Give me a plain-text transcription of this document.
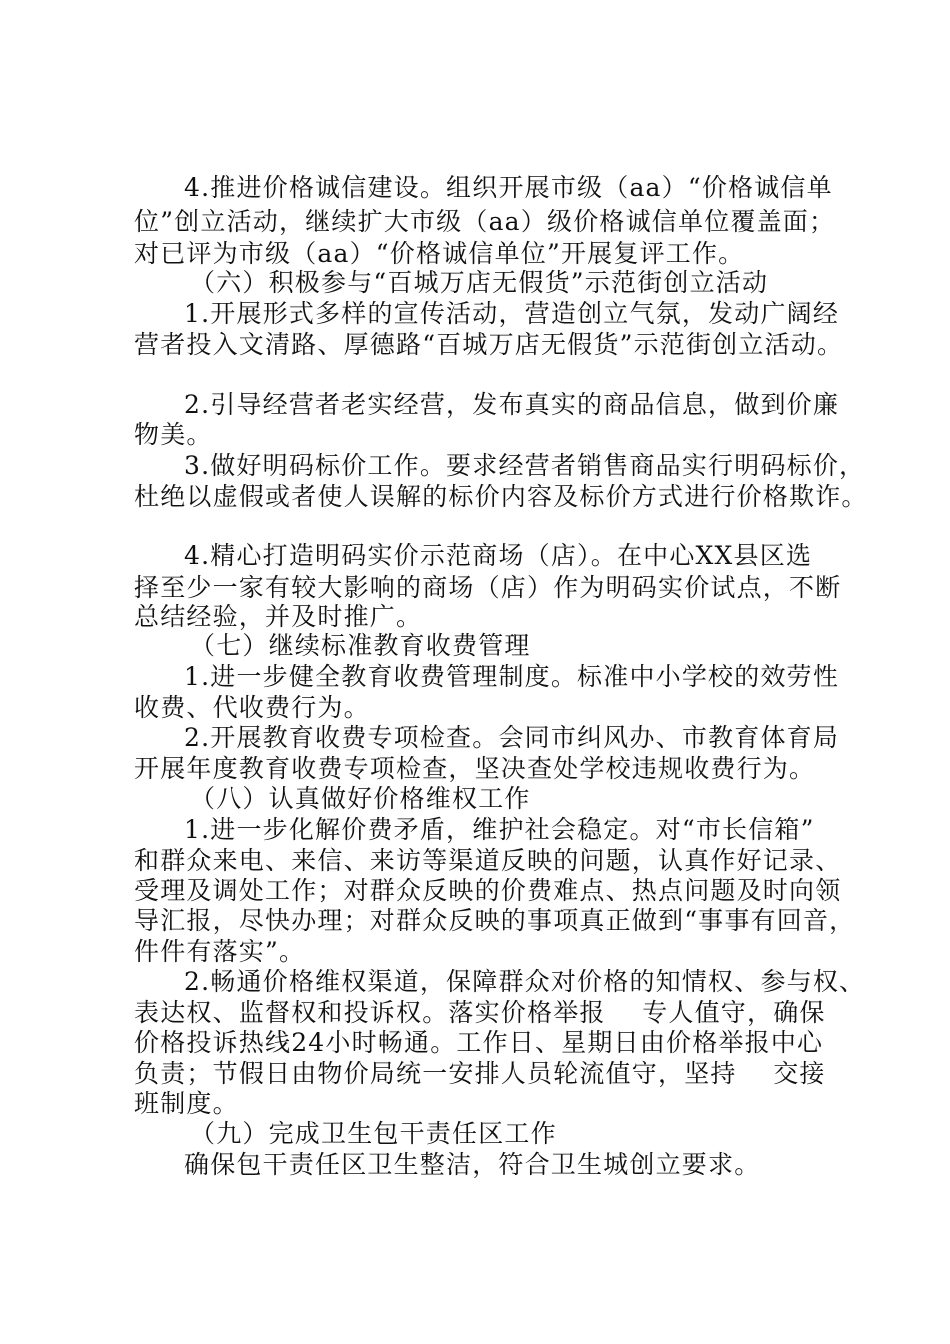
4.推进价格诚信建设。组织开展市级（aa）“价格诚信单
位”创立活动，继续扩大市级（aa）级价格诚信单位覆盖面；
对已评为市级（aa）“价格诚信单位”开展复评工作。
（六）积极参与“百城万店无假货”示范街创立活动
1.开展形式多样的宣传活动，营造创立气氛，发动广阔经
营者投入文清路、厚德路“百城万店无假货”示范街创立活动。
2.引导经营者老实经营，发布真实的商品信息，做到价廉
物美。
3.做好明码标价工作。要求经营者销售商品实行明码标价，
杜绝以虚假或者使人误解的标价内容及标价方式进行价格欺诈。
4.精心打造明码实价示范商场（店）。在中心XX县区选
择至少一家有较大影响的商场（店）作为明码实价试点，不断
总结经验，并及时推广。
（七）继续标准教育收费管理
1.进一步健全教育收费管理制度。标准中小学校的效劳性
收费、代收费行为。
2.开展教育收费专项检查。会同市纠风办、市教育体育局
开展年度教育收费专项检查，坚决查处学校违规收费行为。
（八）认真做好价格维权工作
1.进一步化解价费矛盾，维护社会稳定。对“市长信箱”
和群众来电、来信、来访等渠道反映的问题，认真作好记录、
受理及调处工作；对群众反映的价费难点、热点问题及时向领
导汇报，尽快办理；对群众反映的事项真正做到“事事有回音，
件件有落实”。
2.畅通价格维权渠道，保障群众对价格的知情权、参与权、
表达权、监督权和投诉权。落实价格举报    专人值守，确保
价格投诉热线24小时畅通。工作日、星期日由价格举报中心
负责；节假日由物价局统一安排人员轮流值守，坚持    交接
班制度。
（九）完成卫生包干责任区工作
确保包干责任区卫生整洁，符合卫生城创立要求。
